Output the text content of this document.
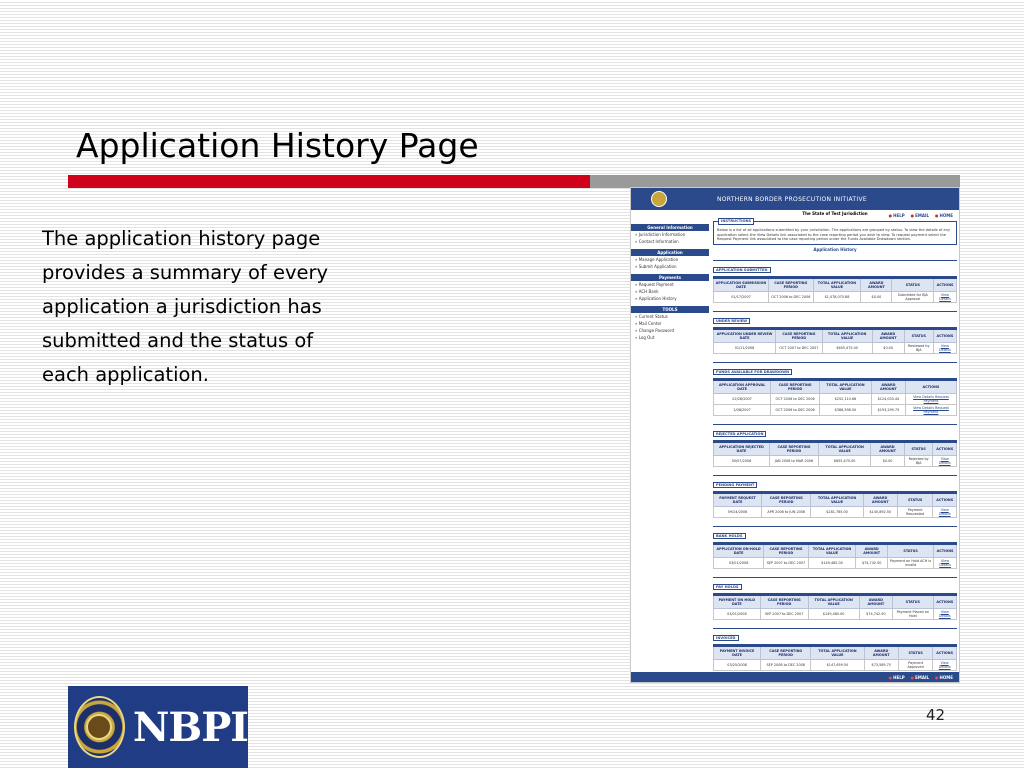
Application History Page
The application history page provides a summary of every application a jurisdiction has submitted and the status of each application.
NORTHERN BORDER PROSECUTION INITIATIVE
● HELP	● EMAIL	● HOME
General Information
» Jurisdiction Information
» Contact Information
Application
» Manage Application
» Submit Application
Payments
» Request Payment
» ACH Bank
» Application History
TOOLS
» Current Status
» Mail Center
» Change Password
» Log Out
The State of Test Jurisdiction
INSTRUCTIONS
Below is a list of all applications submitted by your jurisdiction. The applications are grouped by status. To view the details of any application select the View Details link associated to the case reporting period you wish to view. To request payment select the Request Payment link associated to the case reporting period under the Funds Available Drawdown section.
Application History
APPLICATION SUBMITTED
APPLICATION SUBMISSION DATE	CASE REPORTING PERIOD	TOTAL APPLICATION VALUE	AWARD AMOUNT	STATUS	ACTIONS
01/17/2007	OCT 2006 to DEC 2006	$1,078,075.88	$0.00	Submitted for BJA Approval	View Details
UNDER REVIEW
APPLICATION UNDER REVIEW DATE	CASE REPORTING PERIOD	TOTAL APPLICATION VALUE	AWARD AMOUNT	STATUS	ACTIONS
01/11/2008	OCT 2007 to DEC 2007	$655,475.00	$0.00	Reviewed by BJA	View Details
FUNDS AVAILABLE FOR DRAWDOWN
APPLICATION APPROVAL DATE	CASE REPORTING PERIOD	TOTAL APPLICATION VALUE	AWARD AMOUNT	ACTIONS
02/28/2007	OCT 2006 to DEC 2006	$252,110.68	$124,033.44	View Details Request Payment
1/08/2007	OCT 2006 to DEC 2006	$386,598.50	$193,299.75	View Details Request Payment
REJECTED APPLICATION
APPLICATION REJECTED DATE	CASE REPORTING PERIOD	TOTAL APPLICATION VALUE	AWARD AMOUNT	STATUS	ACTIONS
05/07/2006	JAN 2006 to MAR 2006	$655,475.00	$0.00	Rejected by BJA	View Details
PENDING PAYMENT
PAYMENT REQUEST DATE	CASE REPORTING PERIOD	TOTAL APPLICATION VALUE	AWARD AMOUNT	STATUS	ACTIONS
09/24/2006	APR 2006 to JUN 2006	$281,785.00	$140,892.50	Payment Requested	View Details
BANK HOLDS
APPLICATION ON-HOLD DATE	CASE REPORTING PERIOD	TOTAL APPLICATION VALUE	AWARD AMOUNT	STATUS	ACTIONS
03/01/2008	SEP 2007 to DEC 2007	$149,485.00	$74,742.50	Payment on Hold ACH is invalid	View Details
PAY HOLDS
PAYMENT ON HOLD DATE	CASE REPORTING PERIOD	TOTAL APPLICATION VALUE	AWARD AMOUNT	STATUS	ACTIONS
03/01/2008	SEP 2007 to DEC 2007	$149,485.00	$74,742.50	Payment Placed on Hold	View Details
INVOICED
PAYMENT INVOICE DATE	CASE REPORTING PERIOD	TOTAL APPLICATION VALUE	AWARD AMOUNT	STATUS	ACTIONS
03/25/2008	SEP 2008 to DEC 2008	$147,659.50	$73,589.75	Payment Approved	View Details

● HELP	● EMAIL	● HOME
NBPI	42
